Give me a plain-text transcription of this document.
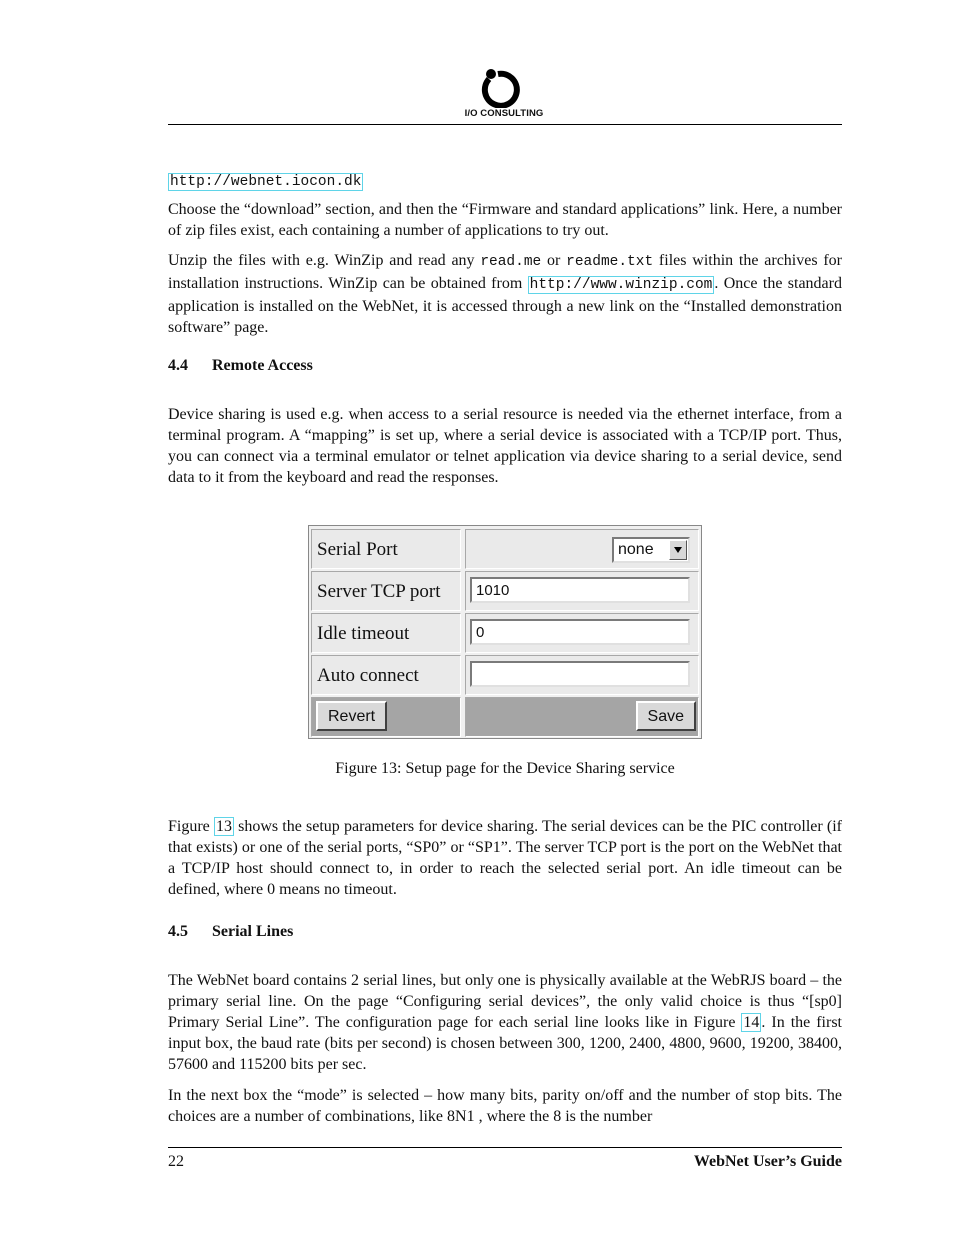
I/O CONSULTING
http://webnet.iocon.dk

Choose the “download” section, and then the “Firmware and standard applications” link. Here, a number of zip files exist, each containing a number of applications to try out.

Unzip the files with e.g. WinZip and read any read.me or readme.txt files within the archives for installation instructions. WinZip can be obtained from http://www.winzip.com . Once the standard application is installed on the WebNet, it is accessed through a new link on the “Installed demonstration software” page.

4.4 Remote Access

Device sharing is used e.g. when access to a serial resource is needed via the ethernet interface, from a terminal program. A “mapping” is set up, where a serial device is associated with a TCP/IP port. Thus, you can connect via a terminal emulator or telnet application via device sharing to a serial device, send data to it from the keyboard and read the responses.

Serial Port	none
Server TCP port	1010
Idle timeout	0
Auto connect
Revert	Save
Figure 13: Setup page for the Device Sharing service

Figure 13 shows the setup parameters for device sharing. The serial devices can be the PIC controller (if that exists) or one of the serial ports, “SP0” or “SP1”. The server TCP port is the port on the WebNet that a TCP/IP host should connect to, in order to reach the selected serial port. An idle timeout can be defined, where 0 means no timeout.

4.5 Serial Lines

The WebNet board contains 2 serial lines, but only one is physically available at the WebRJS board – the primary serial line. On the page “Configuring serial devices”, the only valid choice is thus “[sp0] Primary Serial Line”. The configuration page for each serial line looks like in Figure 14 . In the first input box, the baud rate (bits per second) is chosen between 300, 1200, 2400, 4800, 9600, 19200, 38400, 57600 and 115200 bits per sec.

In the next box the “mode” is selected – how many bits, parity on/off and the number of stop bits. The choices are a number of combinations, like 8N1 , where the 8 is the number

22	WebNet User’s Guide
